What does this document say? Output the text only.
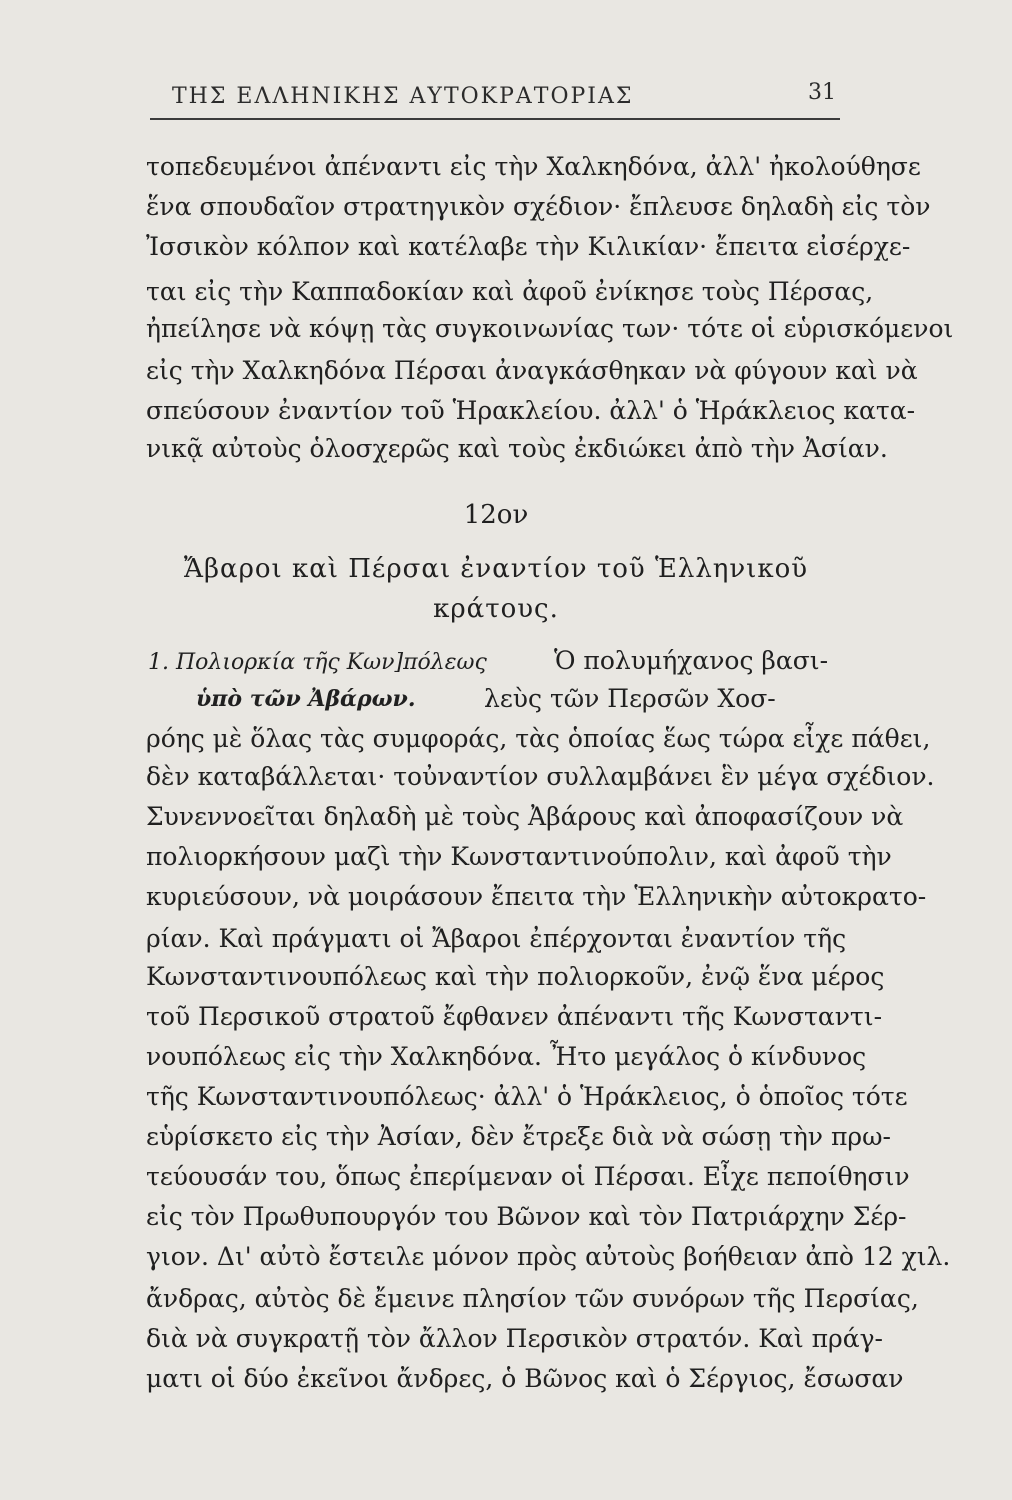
ΤΗΣ ΕΛΛΗΝΙΚΗΣ ΑΥΤΟΚΡΑΤΟΡΙΑΣ	31
τοπεδευμένοι ἀπέναντι εἰς τὴν Χαλκηδόνα, ἀλλ' ἠκολούθησε
ἕνα σπουδαῖον στρατηγικὸν σχέδιον· ἔπλευσε δηλαδὴ εἰς τὸν
Ἰσσικὸν κόλπον καὶ κατέλαβε τὴν Κιλικίαν· ἔπειτα εἰσέρχε-
ται εἰς τὴν Καππαδοκίαν καὶ ἀφοῦ ἐνίκησε τοὺς Πέρσας,
ἠπείλησε νὰ κόψῃ τὰς συγκοινωνίας των· τότε οἱ εὑρισκόμενοι
εἰς τὴν Χαλκηδόνα Πέρσαι ἀναγκάσθηκαν νὰ φύγουν καὶ νὰ
σπεύσουν ἐναντίον τοῦ Ἡρακλείου. ἀλλ' ὁ Ἡράκλειος κατα-
νικᾷ αὐτοὺς ὁλοσχερῶς καὶ τοὺς ἐκδιώκει ἀπὸ τὴν Ἀσίαν.
12ον
Ἄβαροι καὶ Πέρσαι ἐναντίον τοῦ Ἑλληνικοῦ
κράτους.
1. Πολιορκία τῆς Κων]πόλεως
ὑπὸ τῶν Ἀβάρων.
Ὁ πολυμήχανος βασι-
λεὺς τῶν Περσῶν Χοσ-
ρόης μὲ ὅλας τὰς συμφοράς, τὰς ὁποίας ἕως τώρα εἶχε πάθει,
δὲν καταβάλλεται· τοὐναντίον συλλαμβάνει ἓν μέγα σχέδιον.
Συνεννοεῖται δηλαδὴ μὲ τοὺς Ἀβάρους καὶ ἀποφασίζουν νὰ
πολιορκήσουν μαζὶ τὴν Κωνσταντινούπολιν, καὶ ἀφοῦ τὴν
κυριεύσουν, νὰ μοιράσουν ἔπειτα τὴν Ἑλληνικὴν αὐτοκρατο-
ρίαν. Καὶ πράγματι οἱ Ἄβαροι ἐπέρχονται ἐναντίον τῆς
Κωνσταντινουπόλεως καὶ τὴν πολιορκοῦν, ἐνῷ ἕνα μέρος
τοῦ Περσικοῦ στρατοῦ ἔφθανεν ἀπέναντι τῆς Κωνσταντι-
νουπόλεως εἰς τὴν Χαλκηδόνα. Ἦτο μεγάλος ὁ κίνδυνος
τῆς Κωνσταντινουπόλεως· ἀλλ' ὁ Ἡράκλειος, ὁ ὁποῖος τότε
εὑρίσκετο εἰς τὴν Ἀσίαν, δὲν ἔτρεξε διὰ νὰ σώσῃ τὴν πρω-
τεύουσάν του, ὅπως ἐπερίμεναν οἱ Πέρσαι. Εἶχε πεποίθησιν
εἰς τὸν Πρωθυπουργόν του Βῶνον καὶ τὸν Πατριάρχην Σέρ-
γιον. Δι' αὐτὸ ἔστειλε μόνον πρὸς αὐτοὺς βοήθειαν ἀπὸ 12 χιλ.
ἄνδρας, αὐτὸς δὲ ἔμεινε πλησίον τῶν συνόρων τῆς Περσίας,
διὰ νὰ συγκρατῇ τὸν ἄλλον Περσικὸν στρατόν. Καὶ πράγ-
ματι οἱ δύο ἐκεῖνοι ἄνδρες, ὁ Βῶνος καὶ ὁ Σέργιος, ἔσωσαν
